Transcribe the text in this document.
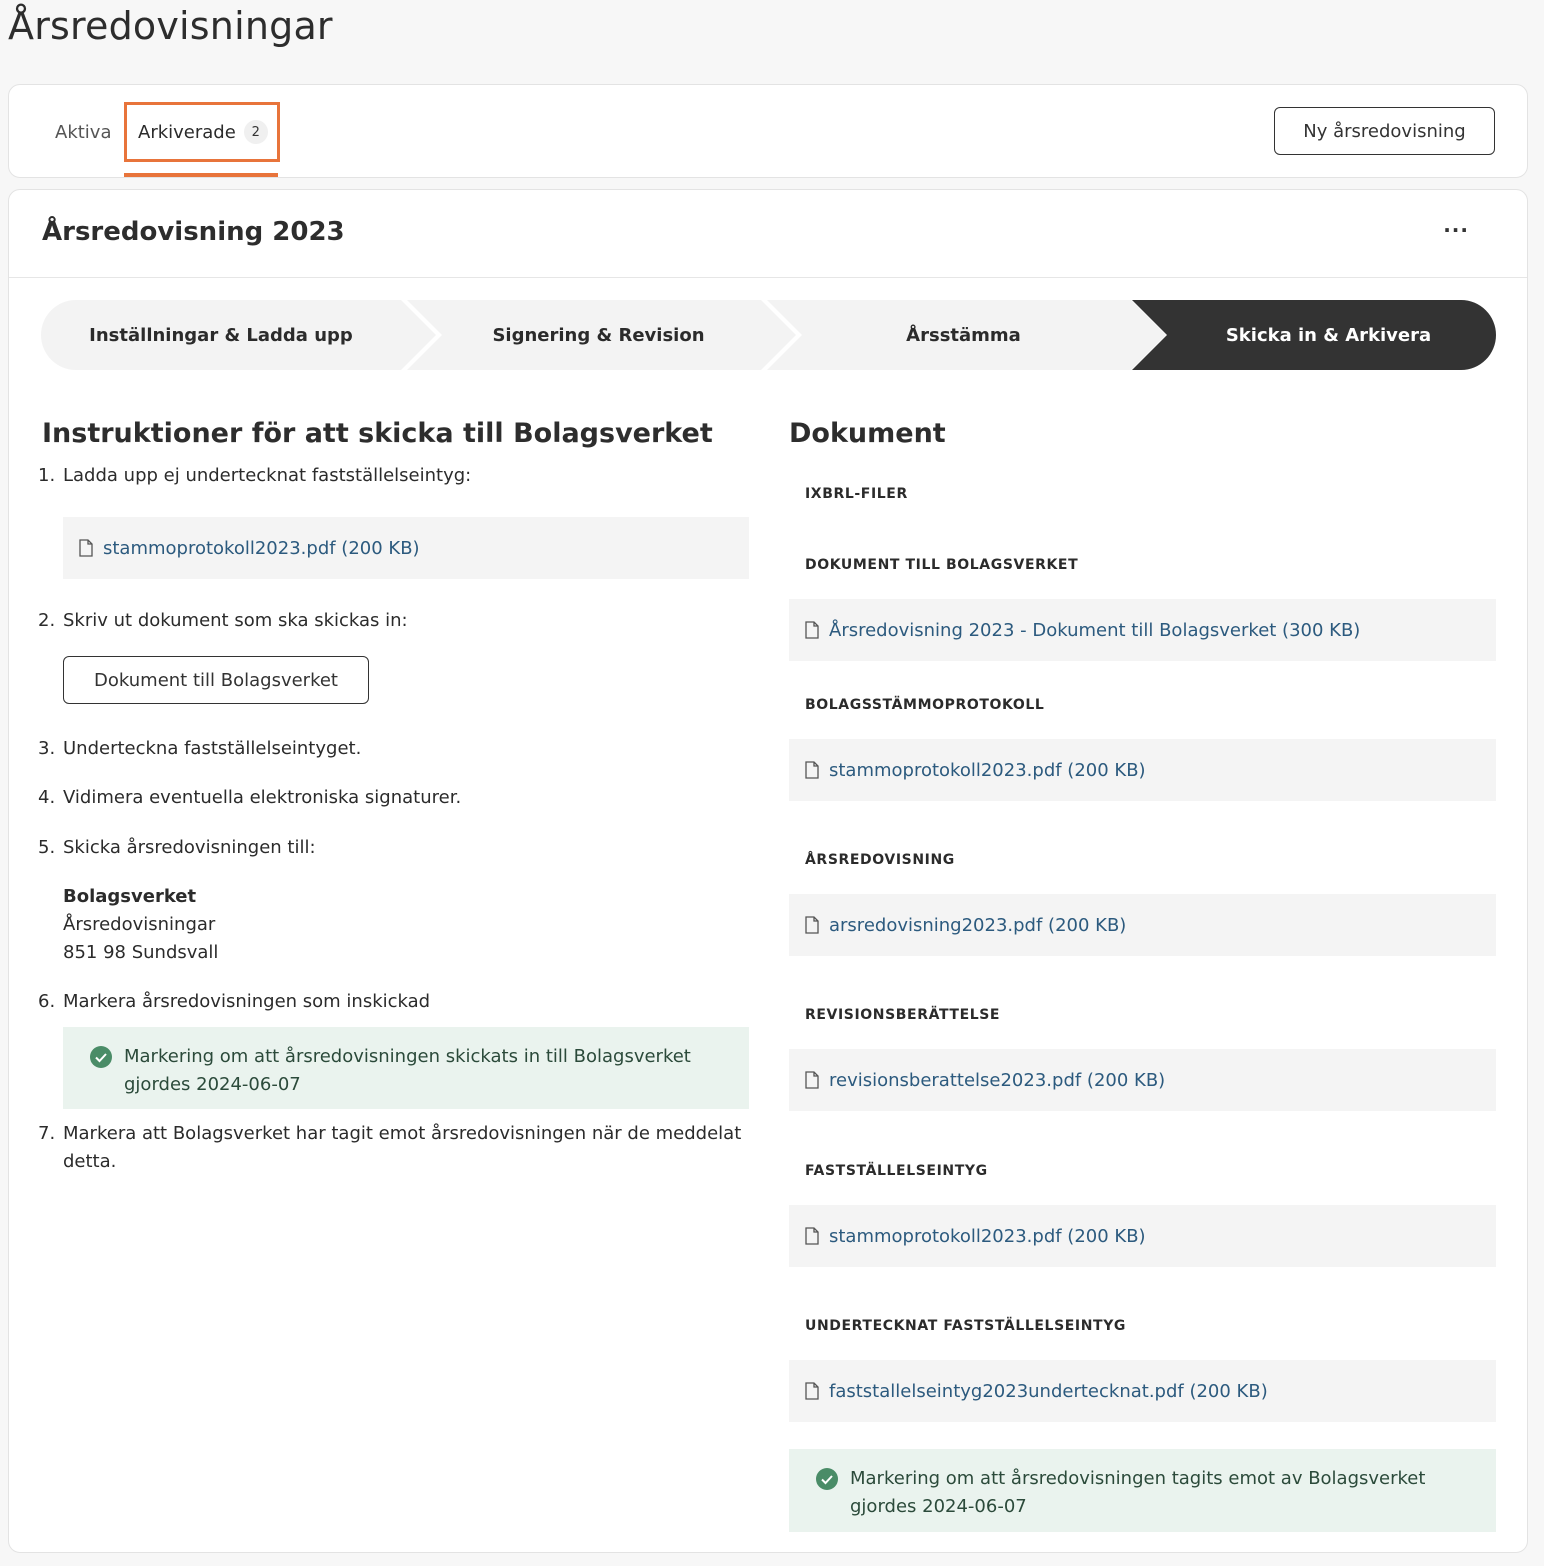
Årsredovisningar
Aktiva Arkiverade	2	Ny årsredovisning
Årsredovisning 2023	···
Inställningar & Ladda upp	Signering & Revision	Årsstämma	Skicka in & Arkivera
Instruktioner för att skicka till Bolagsverket
1. Ladda upp ej undertecknat fastställelseintyg:
stammoprotokoll2023.pdf (200 KB)
2. Skriv ut dokument som ska skickas in:
Dokument till Bolagsverket
3. Underteckna fastställelseintyget.
4. Vidimera eventuella elektroniska signaturer.
5. Skicka årsredovisningen till:
Bolagsverket
Årsredovisningar
851 98 Sundsvall
6. Markera årsredovisningen som inskickad
Markering om att årsredovisningen skickats in till Bolagsverket gjordes 2024-06-07
7. Markera att Bolagsverket har tagit emot årsredovisningen när de meddelat detta.
Dokument
IXBRL-FILER
DOKUMENT TILL BOLAGSVERKET
Årsredovisning 2023 - Dokument till Bolagsverket (300 KB)
BOLAGSSTÄMMOPROTOKOLL
stammoprotokoll2023.pdf (200 KB)
ÅRSREDOVISNING
arsredovisning2023.pdf (200 KB)
REVISIONSBERÄTTELSE
revisionsberattelse2023.pdf (200 KB)
FASTSTÄLLELSEINTYG
stammoprotokoll2023.pdf (200 KB)
UNDERTECKNAT FASTSTÄLLELSEINTYG
faststallelseintyg2023undertecknat.pdf (200 KB)
Markering om att årsredovisningen tagits emot av Bolagsverket gjordes 2024-06-07
